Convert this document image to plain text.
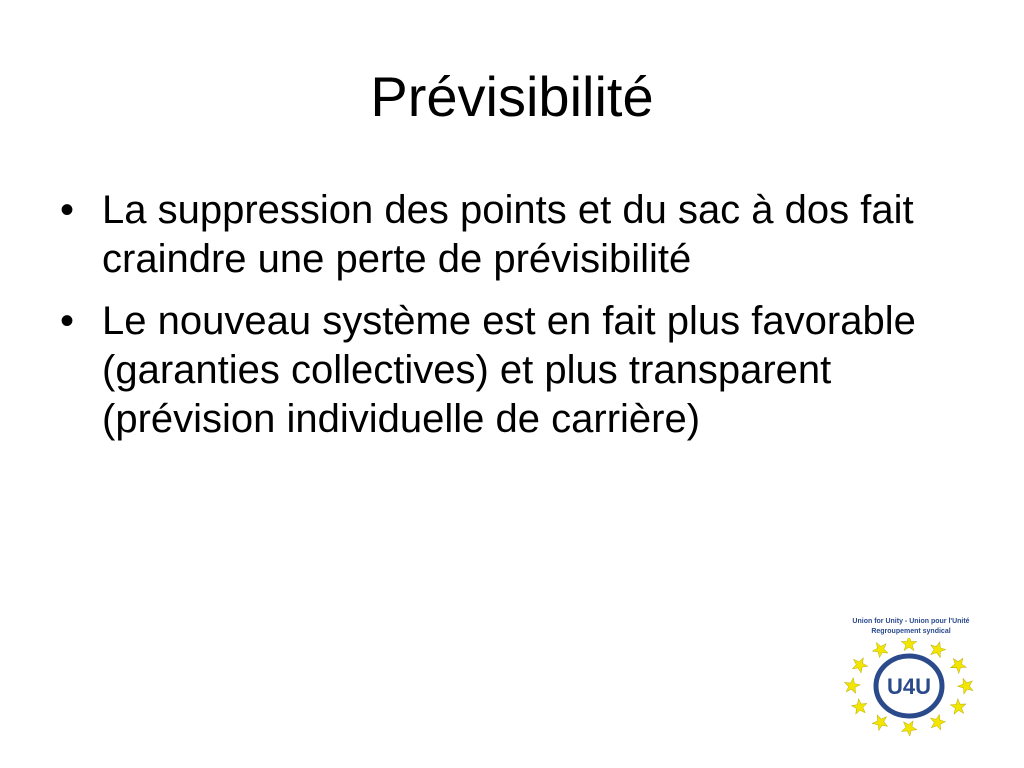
Prévisibilité
• La suppression des points et du sac à dos fait craindre une perte de prévisibilité
• Le nouveau système est en fait plus favorable (garanties collectives) et plus transparent (prévision individuelle de carrière)
Union for Unity - Union pour l'Unité
Regroupement syndical
U4U
